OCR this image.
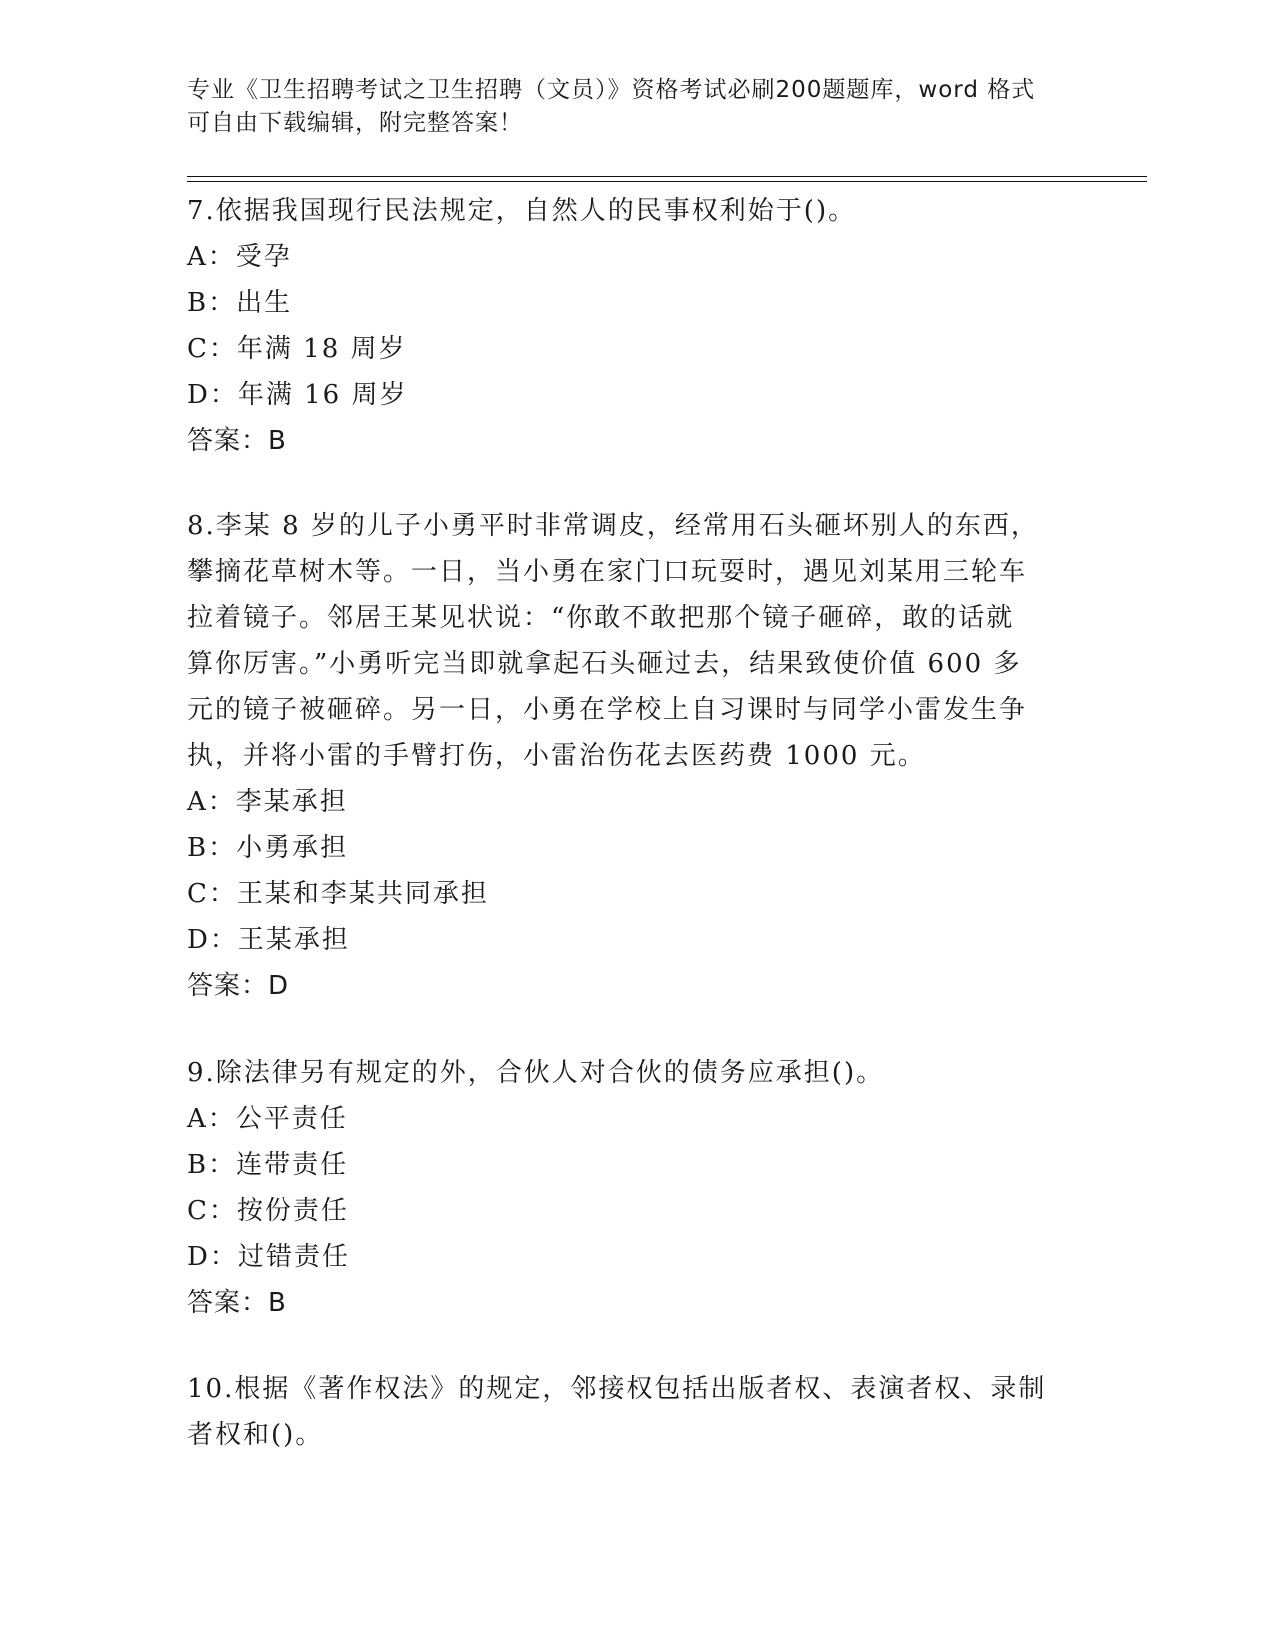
专业《卫生招聘考试之卫生招聘（文员）》资格考试必刷200题题库，word 格式
可自由下载编辑，附完整答案！

7.依据我国现行民法规定，自然人的民事权利始于()。

A：受孕

B：出生

C：年满 18 周岁

D：年满 16 周岁

答案：B

8.李某 8 岁的儿子小勇平时非常调皮，经常用石头砸坏别人的东西，

攀摘花草树木等。一日，当小勇在家门口玩耍时，遇见刘某用三轮车

拉着镜子。邻居王某见状说：“你敢不敢把那个镜子砸碎，敢的话就

算你厉害。”小勇听完当即就拿起石头砸过去，结果致使价值 600 多

元的镜子被砸碎。另一日，小勇在学校上自习课时与同学小雷发生争

执，并将小雷的手臂打伤，小雷治伤花去医药费 1000 元。

A：李某承担

B：小勇承担

C：王某和李某共同承担

D：王某承担

答案：D

9.除法律另有规定的外，合伙人对合伙的债务应承担()。

A：公平责任

B：连带责任

C：按份责任

D：过错责任

答案：B

10.根据《著作权法》的规定，邻接权包括出版者权、表演者权、录制

者权和()。
